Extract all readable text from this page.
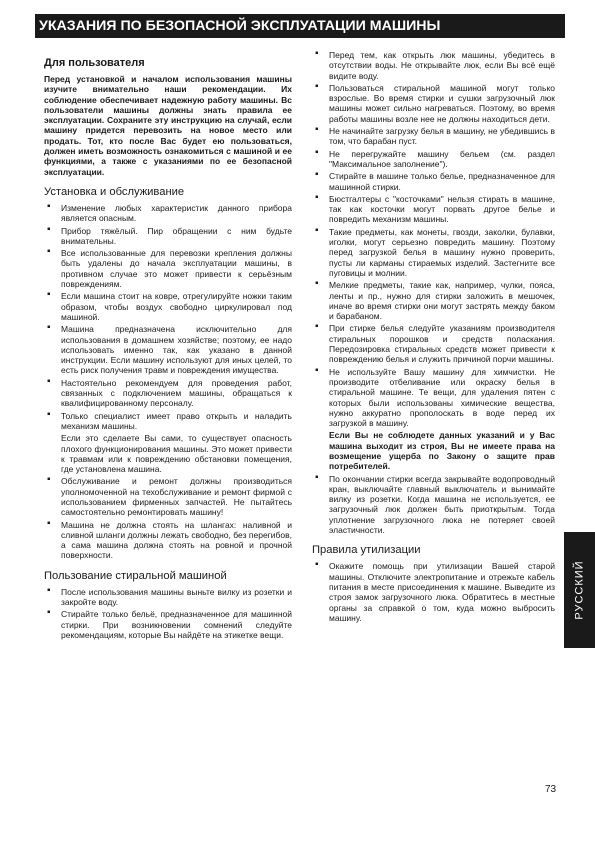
УКАЗАНИЯ ПО БЕЗОПАСНОЙ ЭКСПЛУАТАЦИИ МАШИНЫ
Для пользователя

Перед установкой и началом использования машины изучите внимательно наши рекомендации. Их соблюдение обеспечивает надежную работу машины. Вс пользователи машины должны знать правила ее эксплуатации. Сохраните эту инструкцию на случай, если машину придется перевозить на новое место или продать. Тот, кто после Вас будет ею пользоваться, должен иметь возможность ознакомиться с машиной и ее функциями, а также с указаниями по ее безопасной эксплуатации.

Установка и обслуживание
▪ Изменение любых характеристик данного прибора является опасным.
▪ Прибор тяжёлый. Пир обращении с ним будьте внимательны.
▪ Все использованные для перевозки крепления должны быть удалены до начала эксплуатации машины, в противном случае это может привести к серьёзным повреждениям.
▪ Если машина стоит на ковре, отрегулируйте ножки таким образом, чтобы воздух свободно циркулировал под машиной.
▪ Машина предназначена исключительно для использования в домашнем хозяйстве; поэтому, ее надо использовать именно так, как указано в данной инструкции. Если машину используют для иных целей, то есть риск получения травм и повреждения имущества.
▪ Настоятельно рекомендуем для проведения работ, связанных с подключением машины, обращаться к квалифицированному персоналу.
▪ Только специалист имеет право открыть и наладить механизм машины.

Если это сделаете Вы сами, то существует опасность плохого функционирования машины. Это может привести к травмам или к повреждению обстановки помещения, где установлена машина.

▪ Обслуживание и ремонт должны производиться уполномоченной на техобслуживание и ремонт фирмой с использованием фирменных запчастей. Не пытайтесь самостоятельно ремонтировать машину!
▪ Машина не должна стоять на шлангах: наливной и сливной шланги должны лежать свободно, без перегибов, а сама машина должна стоять на ровной и прочной поверхности.
Пользование стиральной машиной
▪ После использования машины выньте вилку из розетки и закройте воду.
▪ Стирайте только бельё, предназначенное для машинной стирки. При возникновении сомнений следуйте рекомендациям, которые Вы найдёте на этикетке вещи.
▪ Перед тем, как открыть люк машины, убедитесь в отсутствии воды. Не открывайте люк, если Вы всё ещё видите воду.
▪ Пользоваться стиральной машиной могут только взрослые. Во время стирки и сушки загрузочный люк машины может сильно нагреваться. Поэтому, во время работы машины возле нее не должны находиться дети.
▪ Не начинайте загрузку белья в машину, не убедившись в том, что барабан пуст.
▪ Не перегружайте машину бельем (см. раздел "Максимальное заполнение").
▪ Стирайте в машине только белье, предназначенное для машинной стирки.
▪ Бюстгалтеры с "косточками" нельзя стирать в машине, так как косточки могут порвать другое белье и повредить механизм машины.
▪ Такие предметы, как монеты, гвозди, заколки, булавки, иголки, могут серьезно повредить машину. Поэтому перед загрузкой белья в машину нужно проверить, пусты ли карманы стираемых изделий. Застегните все пуговицы и молнии.
▪ Мелкие предметы, такие как, например, чулки, пояса, ленты и пр., нужно для стирки заложить в мешочек, иначе во время стирки они могут застрять между баком и барабаном.
▪ При стирке белья следуйте указаниям производителя стиральных порошков и средств поласкания. Передозировка стиральных средств может привести к повреждению белья и служить причиной порчи машины.
▪ Не используйте Вашу машину для химчистки. Не производите отбеливание или окраску белья в стиральной машине. Те вещи, для удаления пятен с которых были использованы химические вещества, нужно аккуратно прополоскать в воде перед их загрузкой в машину.

Если Вы не соблюдете данных указаний и у Вас машина выходит из строя, Вы не имеете права на возмещение ущерба по Закону о защите прав потребителей.

▪ По окончании стирки всегда закрывайте водопроводный кран, выключайте главный выключатель и вынимайте вилку из розетки. Когда машина не используется, ее загрузочный люк должен быть приоткрытым. Тогда уплотнение загрузочного люка не потеряет своей эластичности.
Правила утилизации
▪ Окажите помощь при утилизации Вашей старой машины. Отключите электропитание и отрежьте кабель питания в месте присоединения к машине. Выведите из строя замок загрузочного люка. Обратитесь в местные органы за справкой о том, куда можно выбросить машину.	РУССКИЙ
73
